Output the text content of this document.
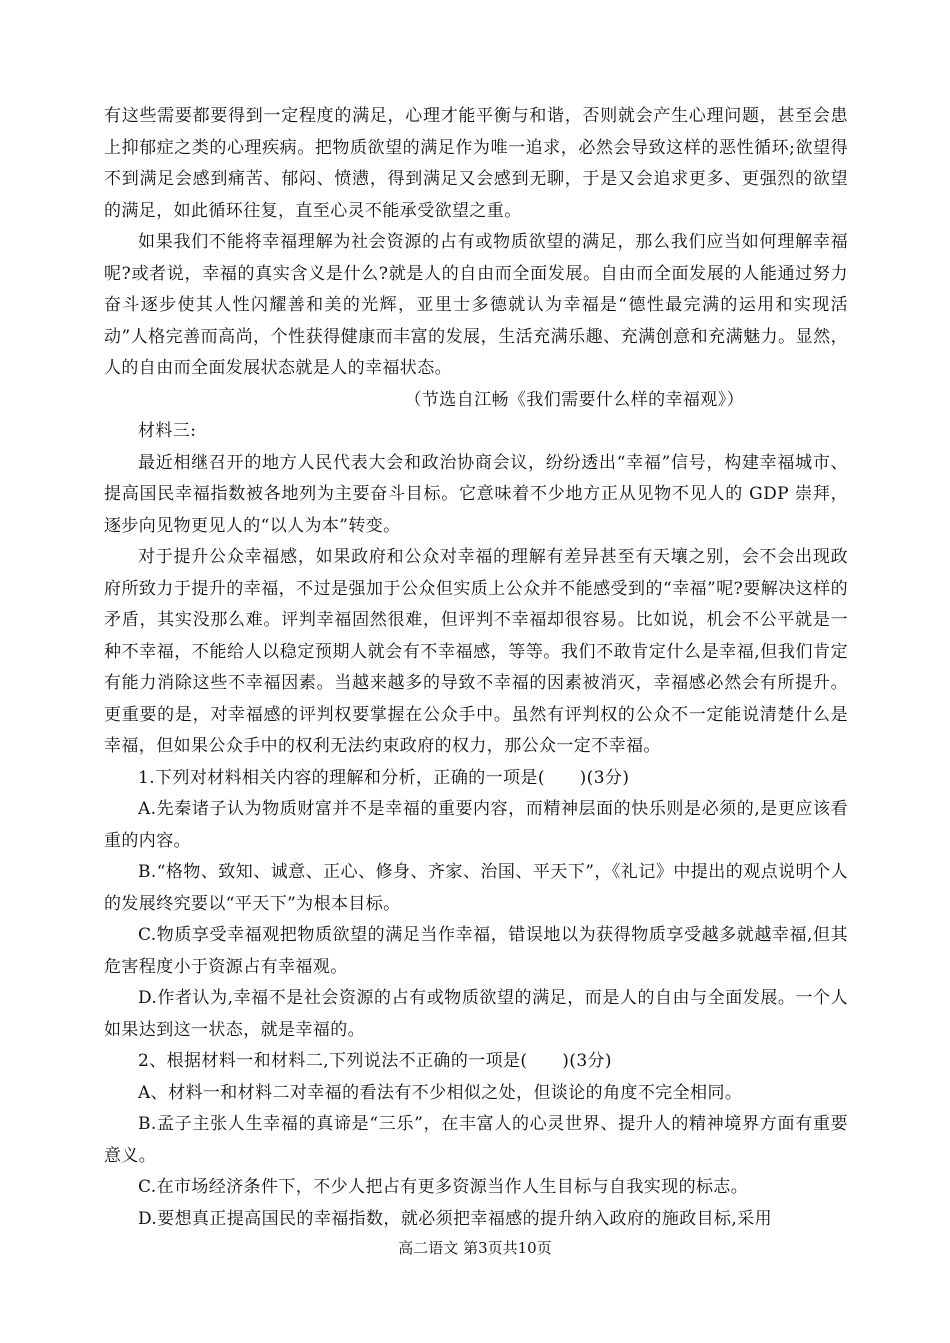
有这些需要都要得到一定程度的满足，心理才能平衡与和谐，否则就会产生心理问题，甚至会患上抑郁症之类的心理疾病。把物质欲望的满足作为唯一追求，必然会导致这样的恶性循环;欲望得不到满足会感到痛苦、郁闷、愤懑，得到满足又会感到无聊，于是又会追求更多、更强烈的欲望的满足，如此循环往复，直至心灵不能承受欲望之重。

如果我们不能将幸福理解为社会资源的占有或物质欲望的满足，那么我们应当如何理解幸福呢?或者说，幸福的真实含义是什么?就是人的自由而全面发展。自由而全面发展的人能通过努力奋斗逐步使其人性闪耀善和美的光辉，亚里士多德就认为幸福是“德性最完满的运用和实现活动”人格完善而高尚，个性获得健康而丰富的发展，生活充满乐趣、充满创意和充满魅力。显然，人的自由而全面发展状态就是人的幸福状态。

（节选自江畅《我们需要什么样的幸福观》）

材料三:

最近相继召开的地方人民代表大会和政治协商会议，纷纷透出“幸福”信号，构建幸福城市、提高国民幸福指数被各地列为主要奋斗目标。它意味着不少地方正从见物不见人的 GDP 崇拜，逐步向见物更见人的“以人为本”转变。

对于提升公众幸福感，如果政府和公众对幸福的理解有差异甚至有天壤之别，会不会出现政府所致力于提升的幸福，不过是强加于公众但实质上公众并不能感受到的“幸福”呢?要解决这样的矛盾，其实没那么难。评判幸福固然很难，但评判不幸福却很容易。比如说，机会不公平就是一种不幸福，不能给人以稳定预期人就会有不幸福感，等等。我们不敢肯定什么是幸福,但我们肯定有能力消除这些不幸福因素。当越来越多的导致不幸福的因素被消灭，幸福感必然会有所提升。更重要的是，对幸福感的评判权要掌握在公众手中。虽然有评判权的公众不一定能说清楚什么是幸福，但如果公众手中的权利无法约束政府的权力，那公众一定不幸福。

1.下列对材料相关内容的理解和分析，正确的一项是(　　)(3分)

A.先秦诸子认为物质财富并不是幸福的重要内容，而精神层面的快乐则是必须的,是更应该看重的内容。

B.“格物、致知、诚意、正心、修身、齐家、治国、平天下”，《礼记》中提出的观点说明个人的发展终究要以“平天下”为根本目标。

C.物质享受幸福观把物质欲望的满足当作幸福，错误地以为获得物质享受越多就越幸福,但其危害程度小于资源占有幸福观。

D.作者认为,幸福不是社会资源的占有或物质欲望的满足，而是人的自由与全面发展。一个人如果达到这一状态，就是幸福的。

2、根据材料一和材料二,下列说法不正确的一项是(　　)(3分)

A、材料一和材料二对幸福的看法有不少相似之处，但谈论的角度不完全相同。

B.孟子主张人生幸福的真谛是“三乐”，在丰富人的心灵世界、提升人的精神境界方面有重要意义。

C.在市场经济条件下，不少人把占有更多资源当作人生目标与自我实现的标志。

D.要想真正提高国民的幸福指数，就必须把幸福感的提升纳入政府的施政目标,采用

高二语文 第3页共10页
